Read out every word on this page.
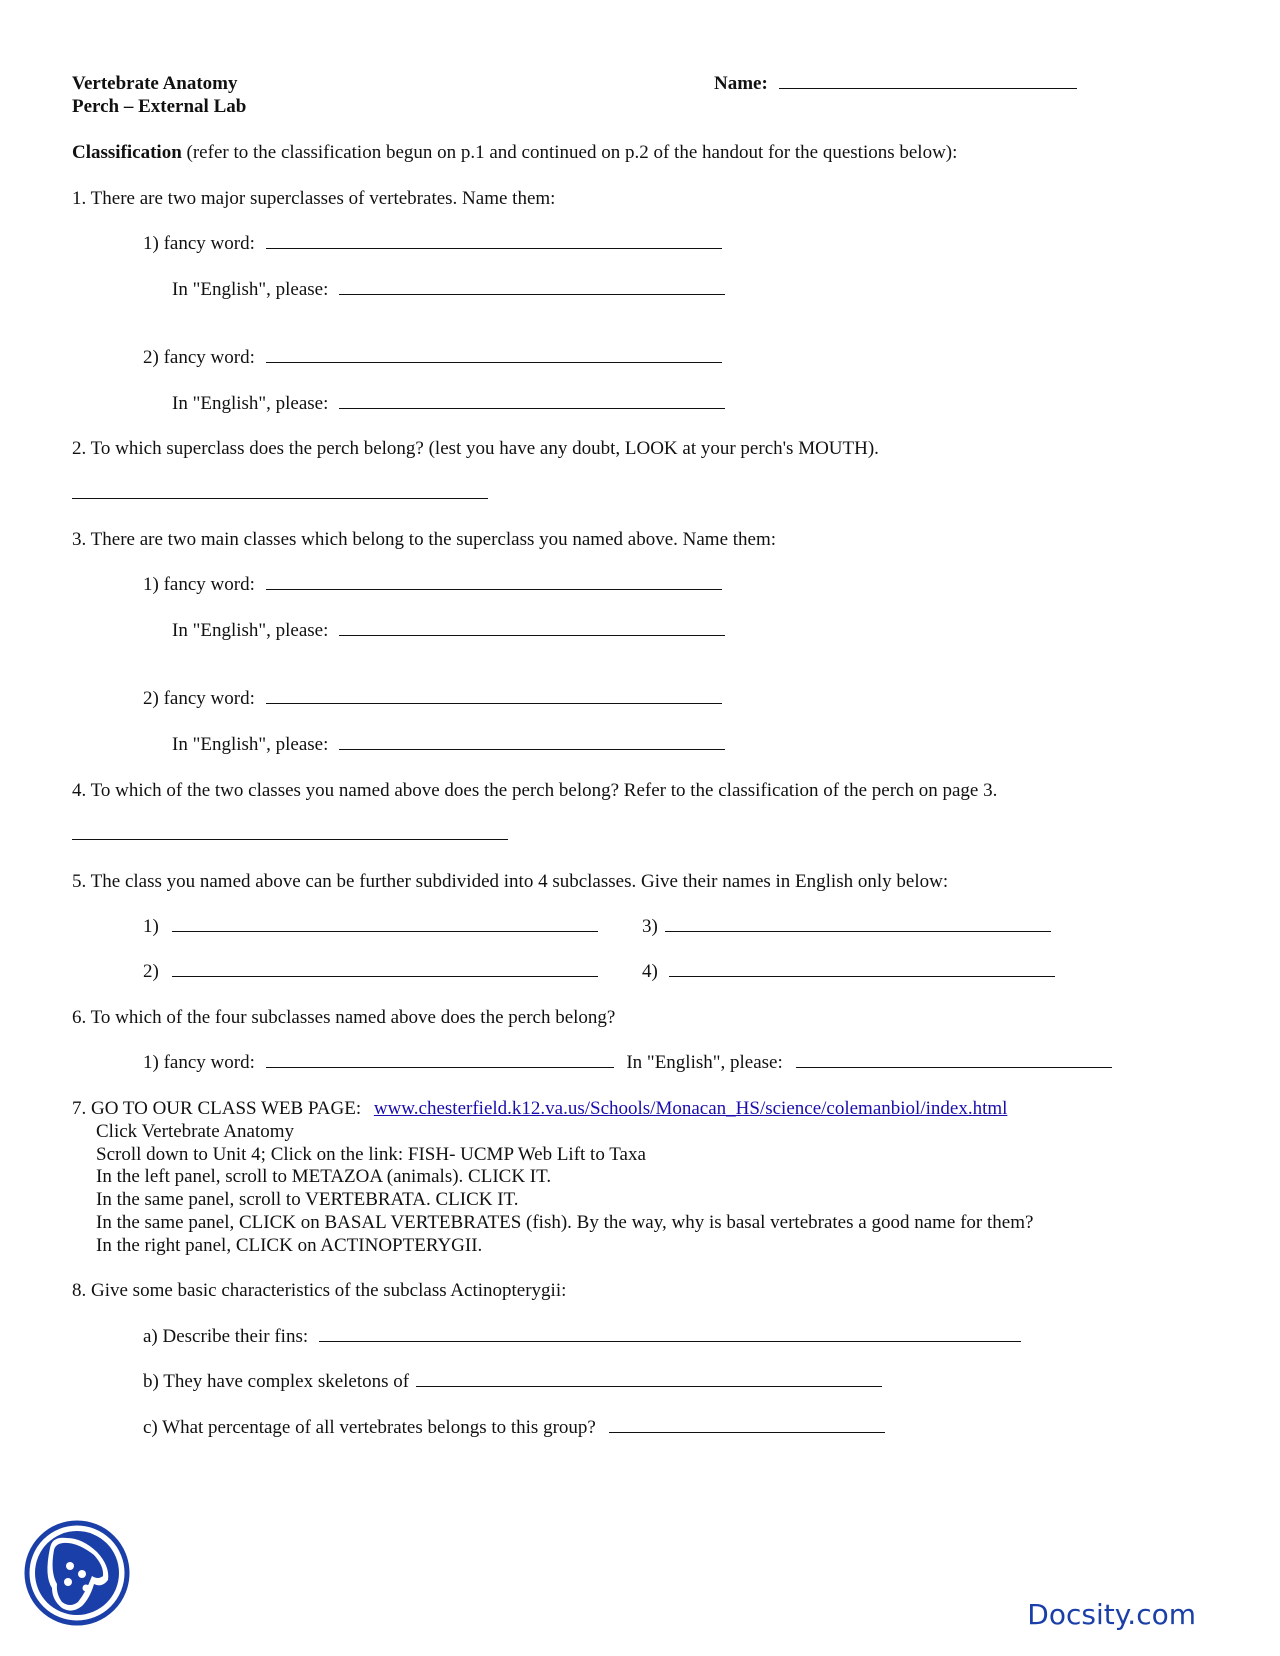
Vertebrate Anatomy
Perch – External Lab
Name:
Classification (refer to the classification begun on p.1 and continued on p.2 of the handout for the questions below):
1. There are two major superclasses of vertebrates. Name them:
1) fancy word:
In "English", please:
2) fancy word:
In "English", please:
2. To which superclass does the perch belong? (lest you have any doubt, LOOK at your perch's MOUTH).
3. There are two main classes which belong to the superclass you named above. Name them:
1) fancy word:
In "English", please:
2) fancy word:
In "English", please:
4. To which of the two classes you named above does the perch belong? Refer to the classification of the perch on page 3.
5. The class you named above can be further subdivided into 4 subclasses. Give their names in English only below:
1)	3)
2)	4)
6. To which of the four subclasses named above does the perch belong?
1) fancy word:	In "English", please:
7. GO TO OUR CLASS WEB PAGE: www.chesterfield.k12.va.us/Schools/Monacan_HS/science/colemanbiol/index.html
Click Vertebrate Anatomy
Scroll down to Unit 4; Click on the link: FISH- UCMP Web Lift to Taxa
In the left panel, scroll to METAZOA (animals). CLICK IT.
In the same panel, scroll to VERTEBRATA. CLICK IT.
In the same panel, CLICK on BASAL VERTEBRATES (fish). By the way, why is basal vertebrates a good name for them?
In the right panel, CLICK on ACTINOPTERYGII.
8. Give some basic characteristics of the subclass Actinopterygii:
a) Describe their fins:
b) They have complex skeletons of
c) What percentage of all vertebrates belongs to this group?
Docsity.com
